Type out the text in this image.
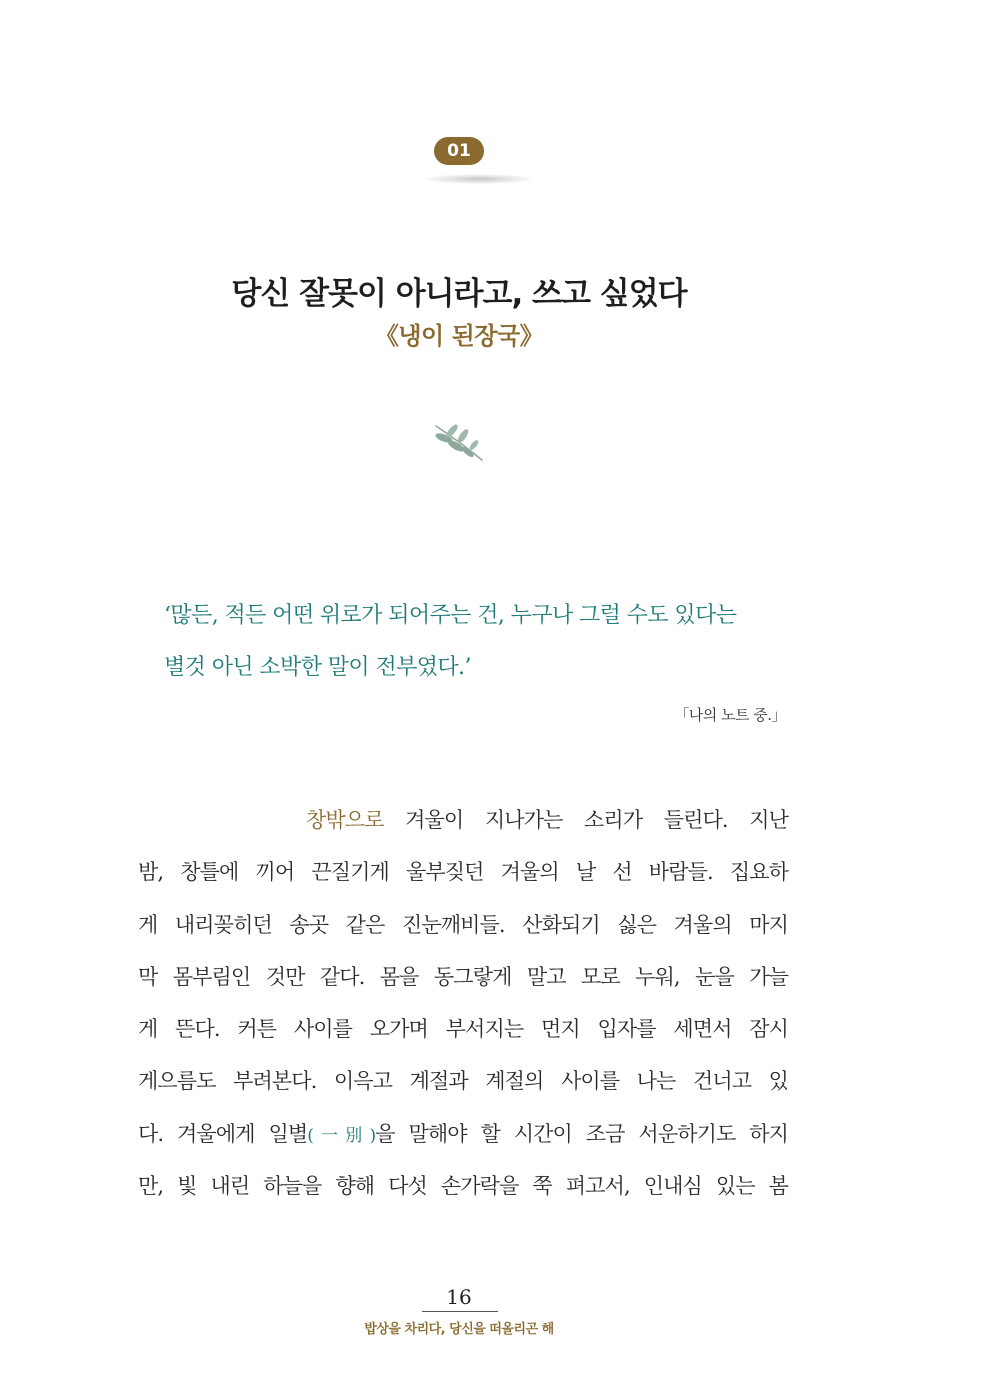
01
당신 잘못이 아니라고, 쓰고 싶었다
《냉이 된장국》
‘많든, 적든 어떤 위로가 되어주는 건, 누구나 그럴 수도 있다는
별것 아닌 소박한 말이 전부였다.’
「나의 노트 중.」
창밖으로 겨울이 지나가는 소리가 들린다. 지난
밤, 창틀에 끼어 끈질기게 울부짖던 겨울의 날 선 바람들. 집요하
게 내리꽂히던 송곳 같은 진눈깨비들. 산화되기 싫은 겨울의 마지
막 몸부림인 것만 같다. 몸을 동그랗게 말고 모로 누워, 눈을 가늘
게 뜬다. 커튼 사이를 오가며 부서지는 먼지 입자를 세면서 잠시
게으름도 부려본다. 이윽고 계절과 계절의 사이를 나는 건너고 있
다. 겨울에게 일별(一別)을 말해야 할 시간이 조금 서운하기도 하지
만, 빛 내린 하늘을 향해 다섯 손가락을 쭉 펴고서, 인내심 있는 봄
16
밥상을 차리다, 당신을 떠올리곤 해
